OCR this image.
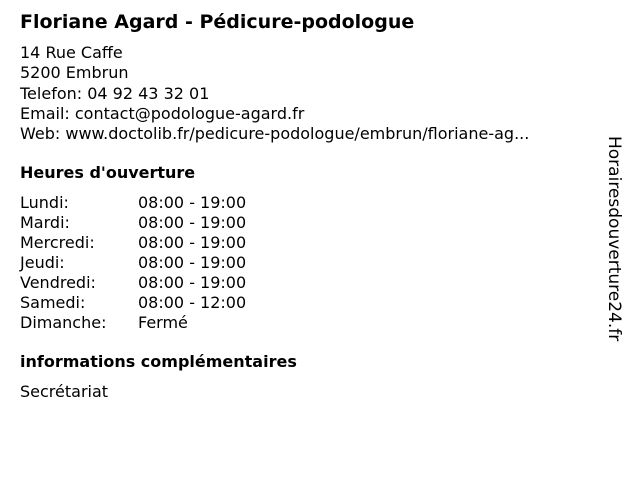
Floriane Agard - Pédicure-podologue
14 Rue Caffe
5200 Embrun
Telefon: 04 92 43 32 01
Email: contact@podologue-agard.fr
Web: www.doctolib.fr/pedicure-podologue/embrun/floriane-ag...
Heures d'ouverture
Lundi:	08:00 - 19:00
Mardi:	08:00 - 19:00
Mercredi:	08:00 - 19:00
Jeudi:	08:00 - 19:00
Vendredi:	08:00 - 19:00
Samedi:	08:00 - 12:00
Dimanche:	Fermé
informations complémentaires
Secrétariat
Horairesdouverture24.fr
